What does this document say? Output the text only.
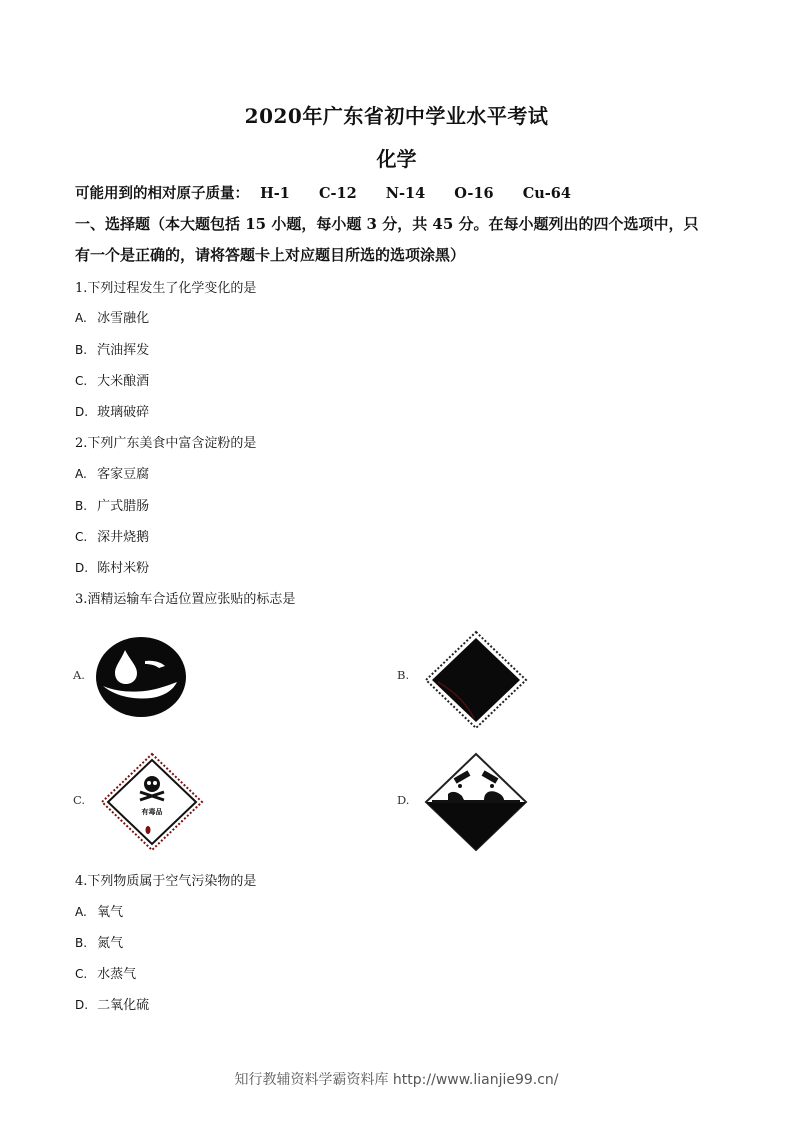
2020年广东省初中学业水平考试
化学
可能用到的相对原子质量： H-1 C-12 N-14 O-16 Cu-64
一、选择题（本大题包括 15 小题，每小题 3 分，共 45 分。在每小题列出的四个选项中，只
有一个是正确的，请将答题卡上对应题目所选的选项涂黑）
1.下列过程发生了化学变化的是
A. 冰雪融化
B. 汽油挥发
C. 大米酿酒
D. 玻璃破碎
2.下列广东美食中富含淀粉的是
A. 客家豆腐
B. 广式腊肠
C. 深井烧鹅
D. 陈村米粉
3.酒精运输车合适位置应张贴的标志是
A.	B.
C.
有毒品
D.
4.下列物质属于空气污染物的是
A. 氧气
B. 氮气
C. 水蒸气
D. 二氧化硫
知行教辅资料学霸资料库 http://www.lianjie99.cn/
